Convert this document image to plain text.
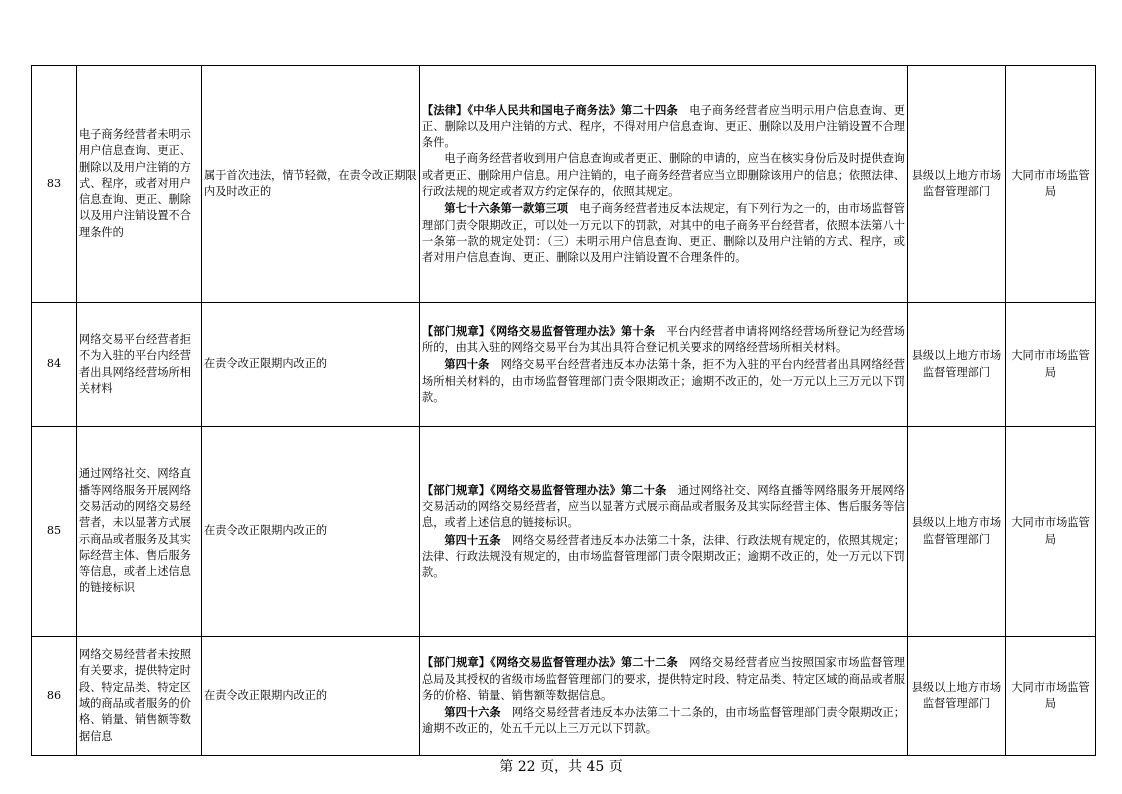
83	电子商务经营者未明示用户信息查询、更正、删除以及用户注销的方式、程序，或者对用户信息查询、更正、删除以及用户注销设置不合理条件的	属于首次违法，情节轻微，在责令改正期限内及时改正的	【法律】《中华人民共和国电子商务法》第二十四条　电子商务经营者应当明示用户信息查询、更正、删除以及用户注销的方式、程序，不得对用户信息查询、更正、删除以及用户注销设置不合理条件。

电子商务经营者收到用户信息查询或者更正、删除的申请的，应当在核实身份后及时提供查询或者更正、删除用户信息。用户注销的，电子商务经营者应当立即删除该用户的信息；依照法律、行政法规的规定或者双方约定保存的，依照其规定。

第七十六条第一款第三项　电子商务经营者违反本法规定，有下列行为之一的，由市场监督管理部门责令限期改正，可以处一万元以下的罚款，对其中的电子商务平台经营者，依照本法第八十一条第一款的规定处罚：（三）未明示用户信息查询、更正、删除以及用户注销的方式、程序，或者对用户信息查询、更正、删除以及用户注销设置不合理条件的。	县级以上地方市场监督管理部门	大同市市场监管局
84	网络交易平台经营者拒不为入驻的平台内经营者出具网络经营场所相关材料	在责令改正限期内改正的	【部门规章】《网络交易监督管理办法》第十条　平台内经营者申请将网络经营场所登记为经营场所的，由其入驻的网络交易平台为其出具符合登记机关要求的网络经营场所相关材料。

第四十条　网络交易平台经营者违反本办法第十条，拒不为入驻的平台内经营者出具网络经营场所相关材料的，由市场监督管理部门责令限期改正；逾期不改正的，处一万元以上三万元以下罚款。	县级以上地方市场监督管理部门	大同市市场监管局
85	通过网络社交、网络直播等网络服务开展网络交易活动的网络交易经营者，未以显著方式展示商品或者服务及其实际经营主体、售后服务等信息，或者上述信息的链接标识	在责令改正限期内改正的	【部门规章】《网络交易监督管理办法》第二十条　通过网络社交、网络直播等网络服务开展网络交易活动的网络交易经营者，应当以显著方式展示商品或者服务及其实际经营主体、售后服务等信息，或者上述信息的链接标识。

第四十五条　网络交易经营者违反本办法第二十条，法律、行政法规有规定的，依照其规定；法律、行政法规没有规定的，由市场监督管理部门责令限期改正；逾期不改正的，处一万元以下罚款。	县级以上地方市场监督管理部门	大同市市场监管局
86	网络交易经营者未按照有关要求，提供特定时段、特定品类、特定区域的商品或者服务的价格、销量、销售额等数据信息	在责令改正限期内改正的	【部门规章】《网络交易监督管理办法》第二十二条　网络交易经营者应当按照国家市场监督管理总局及其授权的省级市场监督管理部门的要求，提供特定时段、特定品类、特定区域的商品或者服务的价格、销量、销售额等数据信息。

第四十六条　网络交易经营者违反本办法第二十二条的，由市场监督管理部门责令限期改正；逾期不改正的，处五千元以上三万元以下罚款。	县级以上地方市场监督管理部门	大同市市场监管局
第 22 页，共 45 页
